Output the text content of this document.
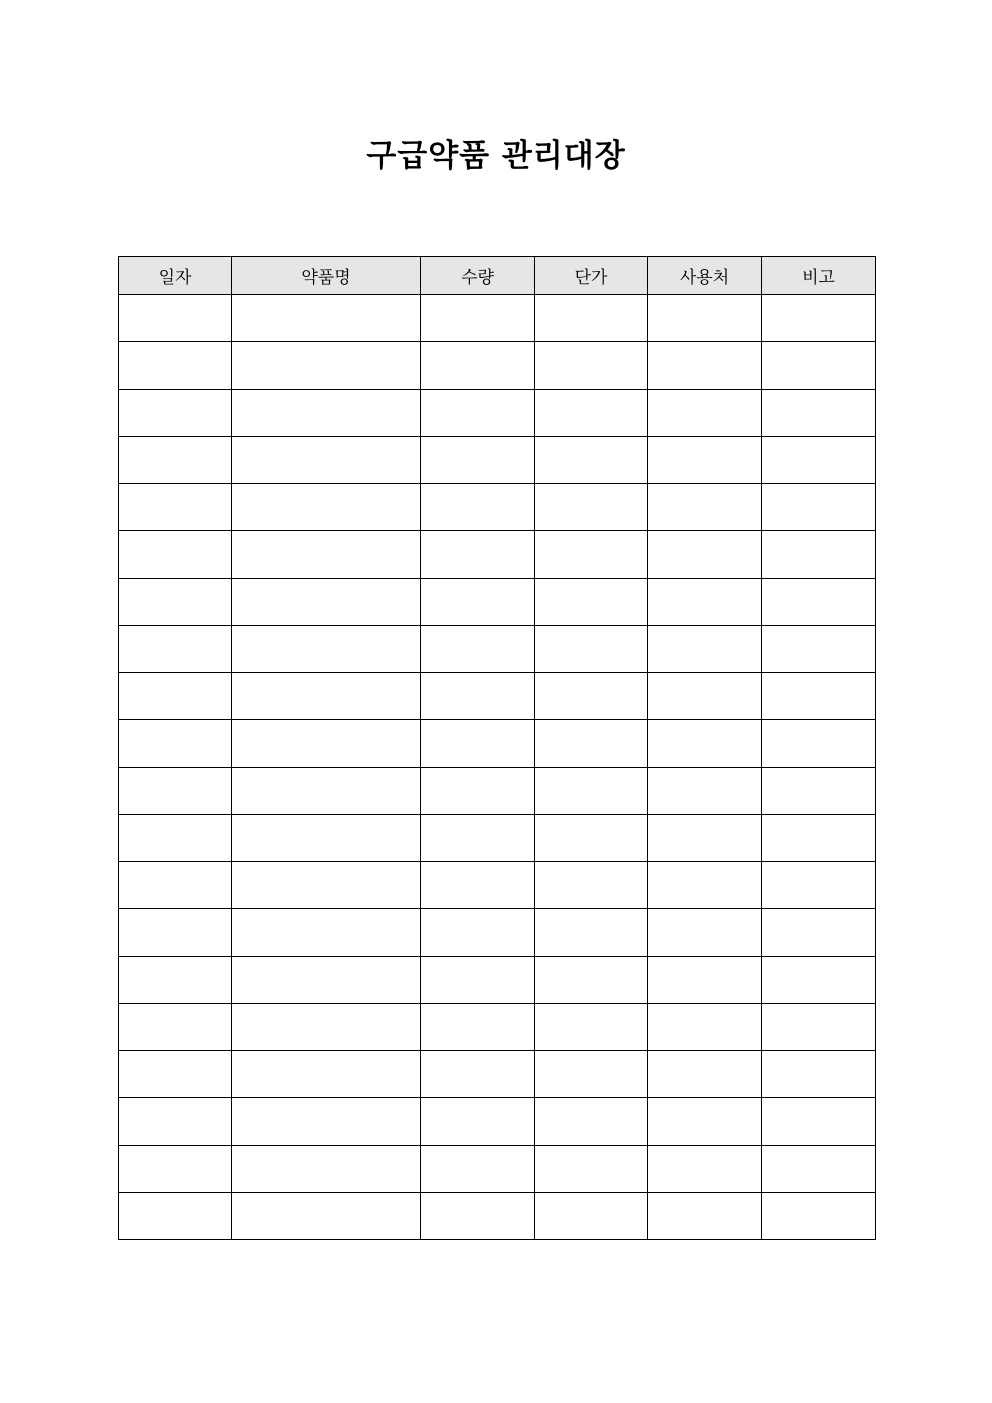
구급약품 관리대장
일자	약품명	수량	단가	사용처	비고
